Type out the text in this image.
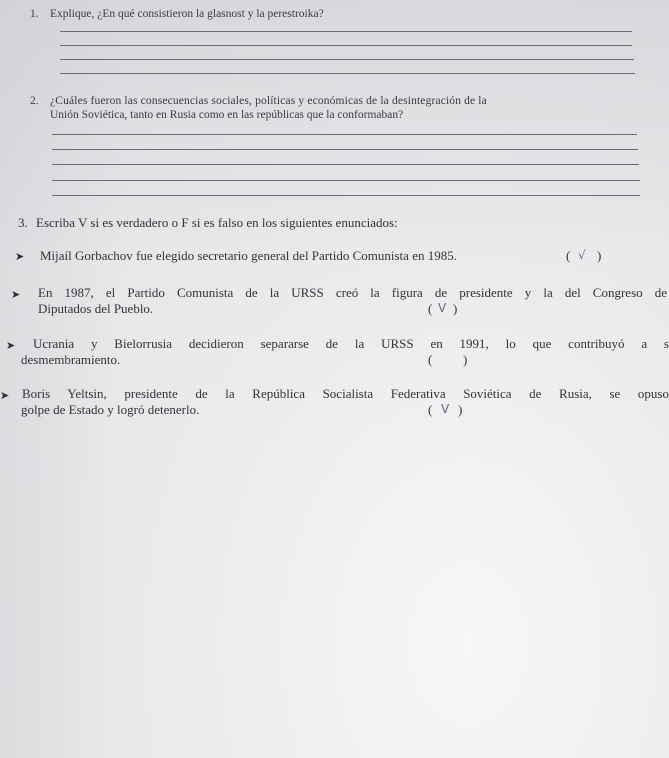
1. Explique, ¿En qué consistieron la glasnost y la perestroika?
2. ¿Cuáles fueron las consecuencias sociales, políticas y económicas de la desintegración de la
Unión Soviética, tanto en Rusia como en las repúblicas que la conformaban?
3. Escriba V si es verdadero o F si es falso en los siguientes enunciados:
➤ Mijaíl Gorbachov fue elegido secretario general del Partido Comunista en 1985.	( √ )
➤ En 1987, el Partido Comunista de la URSS creó la figura de presidente y la del Congreso de
Diputados del Pueblo.	( V )
➤ Ucrania y Bielorrusia decidieron separarse de la URSS en 1991, lo que contribuyó a s
desmembramiento.	( )
➤ Boris Yeltsin, presidente de la República Socialista Federativa Soviética de Rusia, se opuso
golpe de Estado y logró detenerlo.	( V )
